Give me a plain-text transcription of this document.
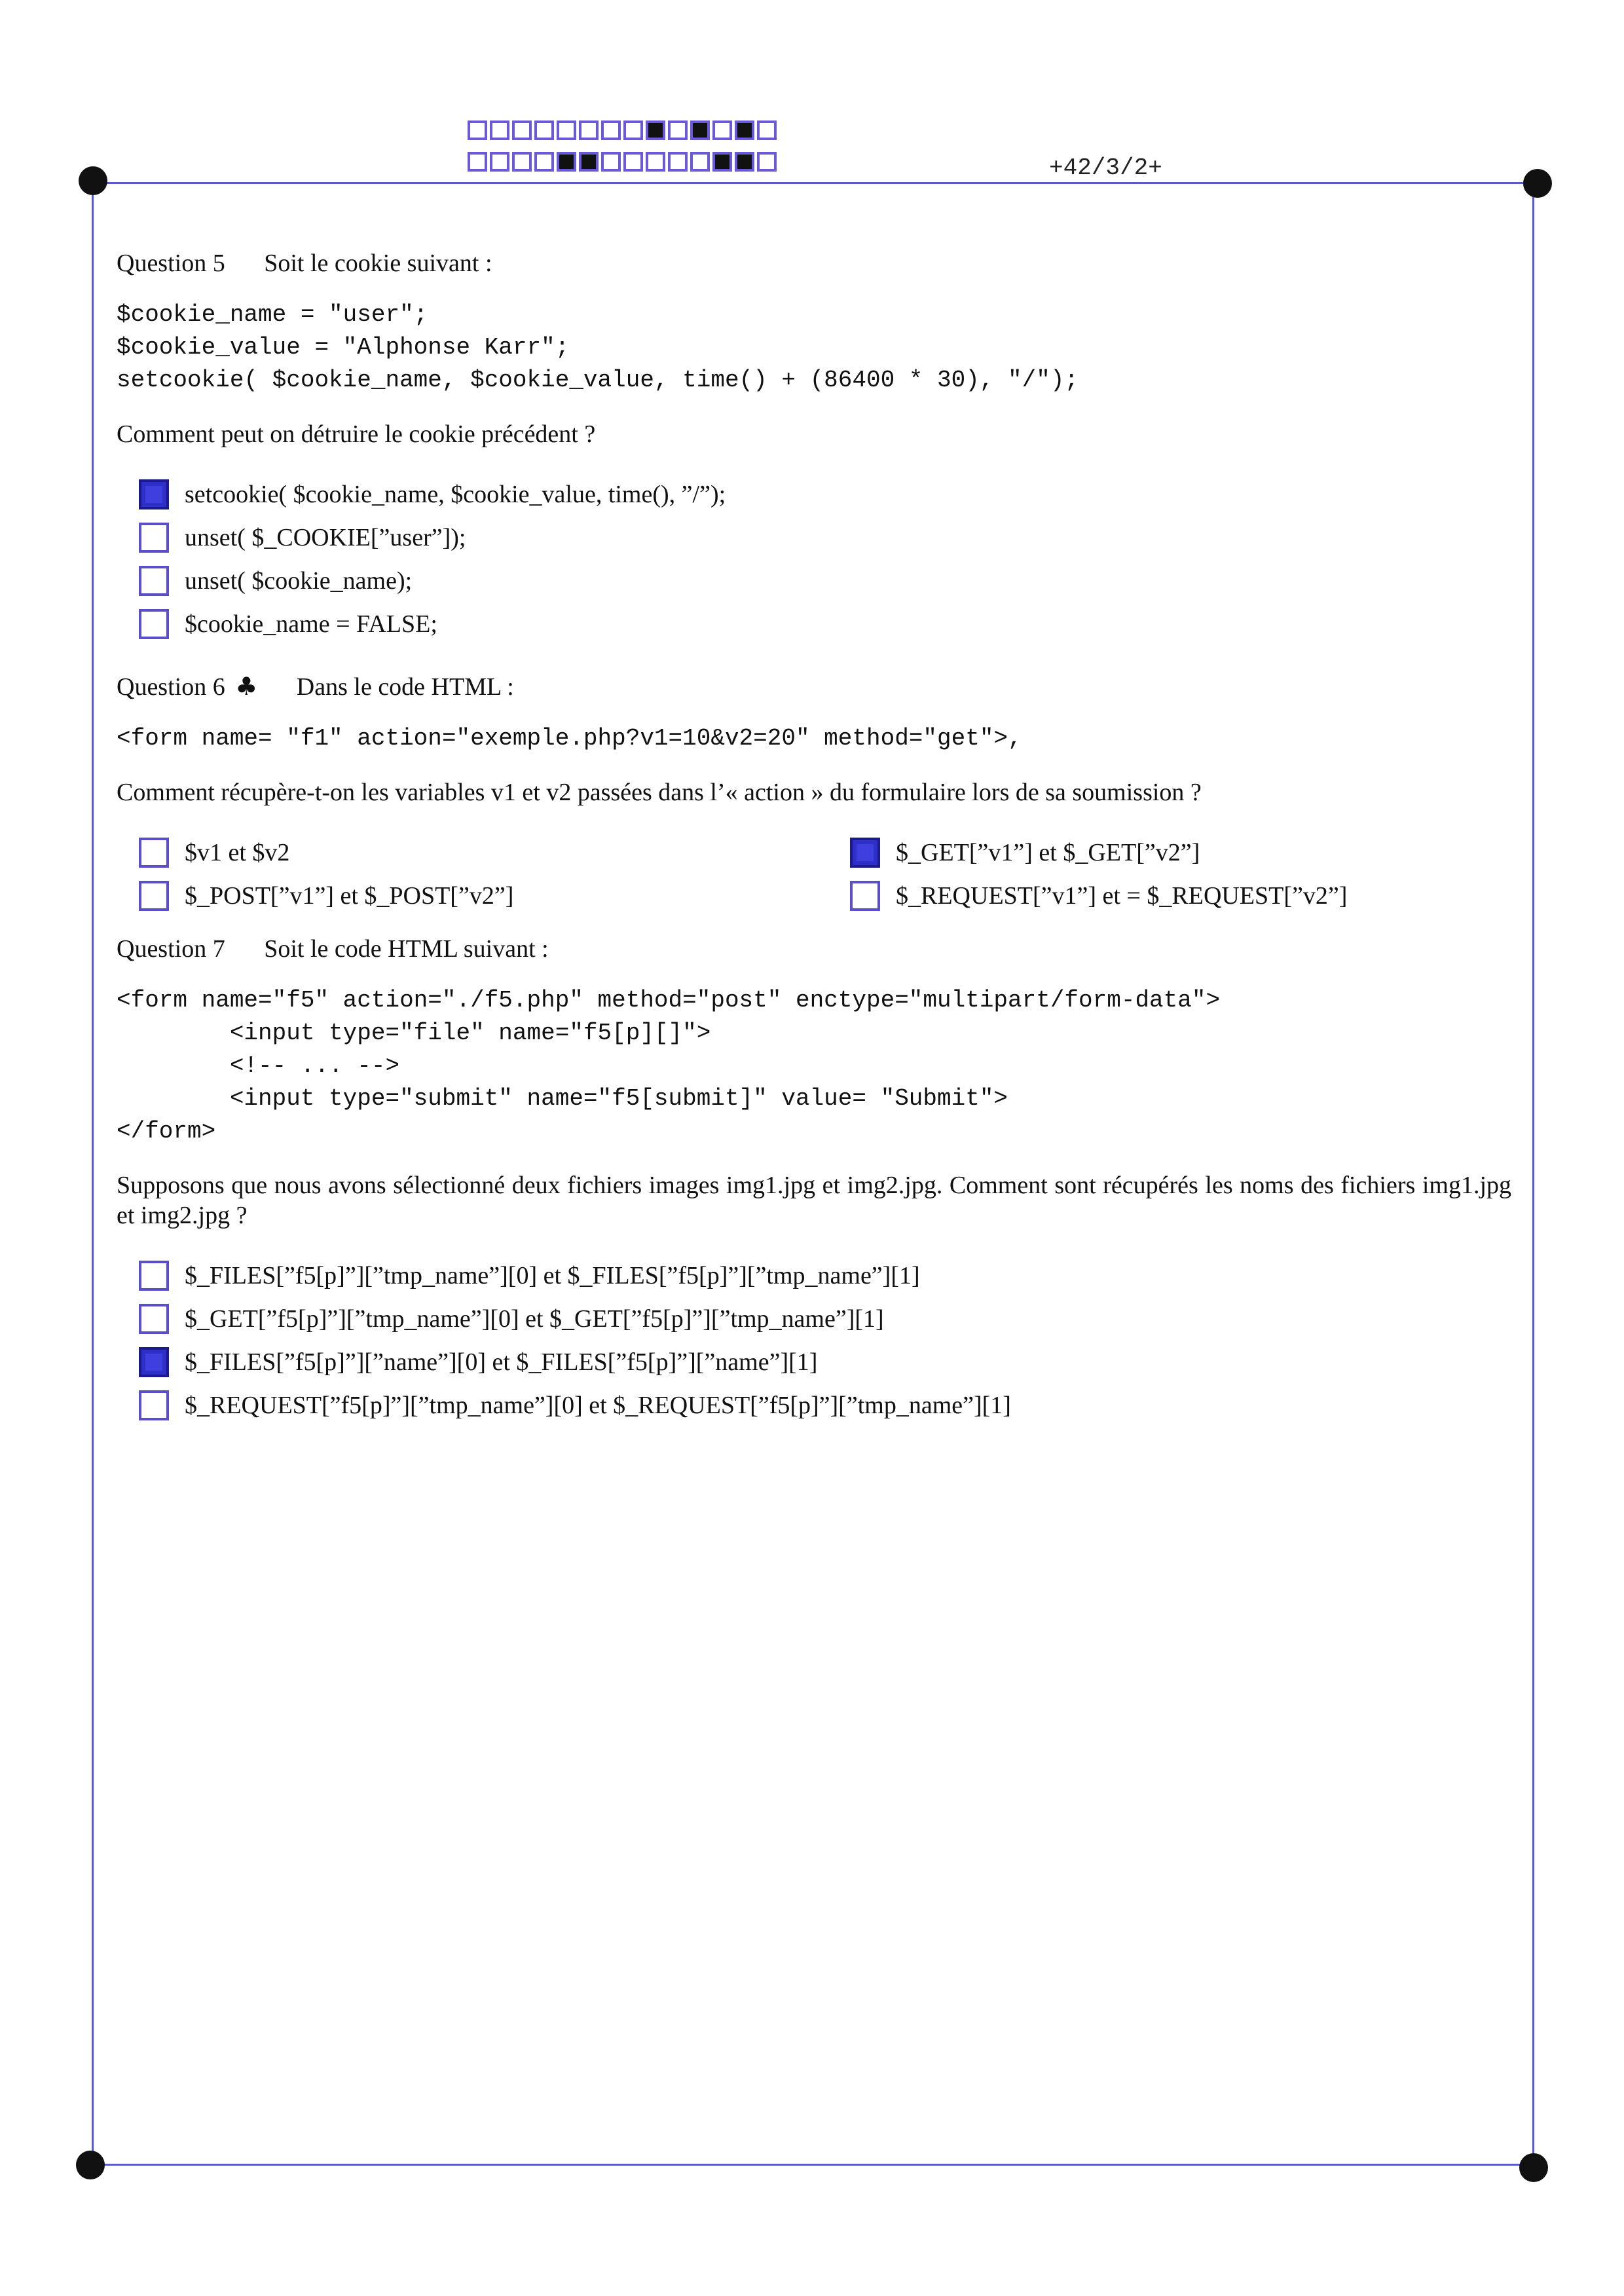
+42/3/2+
Question 5 Soit le cookie suivant :
$cookie_name = "user";
$cookie_value = "Alphonse Karr";
setcookie( $cookie_name, $cookie_value, time() + (86400 * 30), "/");
Comment peut on détruire le cookie précédent ?
setcookie( $cookie_name, $cookie_value, time(), ”/”);
unset( $_COOKIE[”user”]);
unset( $cookie_name);
$cookie_name = FALSE;
Question 6 ♣ Dans le code HTML :
<form name= "f1" action="exemple.php?v1=10&v2=20" method="get">,
Comment récupère-t-on les variables v1 et v2 passées dans l’« action » du formulaire lors de sa soumission ?
$v1 et $v2	$_GET[”v1”] et $_GET[”v2”]
$_POST[”v1”] et $_POST[”v2”]	$_REQUEST[”v1”] et = $_REQUEST[”v2”]
Question 7 Soit le code HTML suivant :
<form name="f5" action="./f5.php" method="post" enctype="multipart/form-data">
<input type="file" name="f5[p][]">
<!-- ... -->
<input type="submit" name="f5[submit]" value= "Submit">
</form>
Supposons que nous avons sélectionné deux fichiers images img1.jpg et img2.jpg. Comment sont récupérés les noms des fichiers img1.jpg et img2.jpg ?
$_FILES[”f5[p]”][”tmp_name”][0] et $_FILES[”f5[p]”][”tmp_name”][1]
$_GET[”f5[p]”][”tmp_name”][0] et $_GET[”f5[p]”][”tmp_name”][1]
$_FILES[”f5[p]”][”name”][0] et $_FILES[”f5[p]”][”name”][1]
$_REQUEST[”f5[p]”][”tmp_name”][0] et $_REQUEST[”f5[p]”][”tmp_name”][1]
